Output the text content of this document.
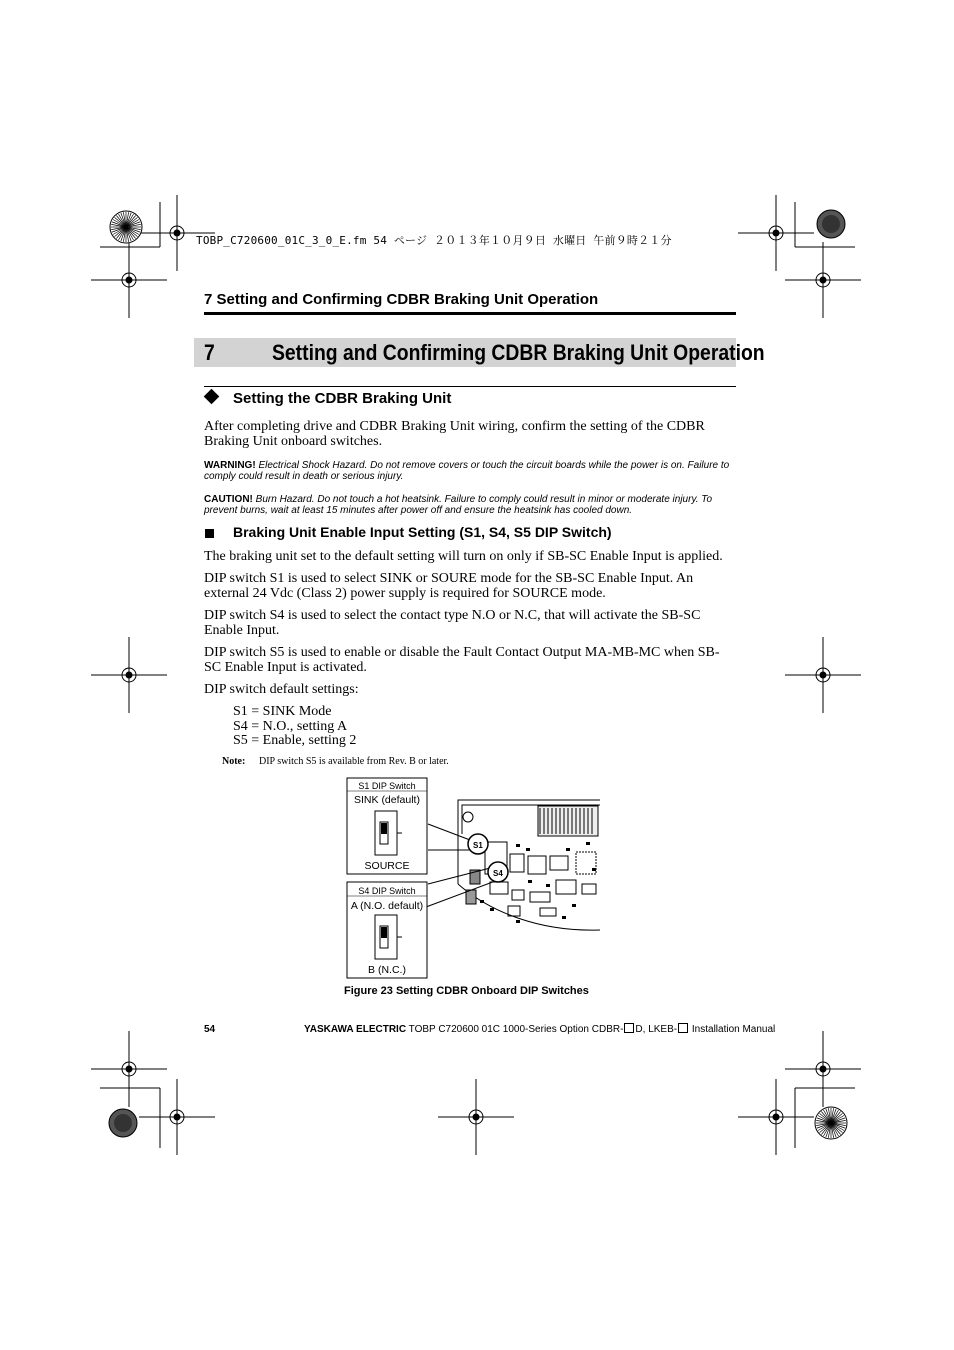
TOBP_C720600_01C_3_0_E.fm 54 ページ ２０１３年１０月９日 水曜日 午前９時２１分
7 Setting and Confirming CDBR Braking Unit Operation
7	Setting and Confirming CDBR Braking Unit Operation
Setting the CDBR Braking Unit
After completing drive and CDBR Braking Unit wiring, confirm the setting of the CDBR Braking Unit onboard switches.
WARNING! Electrical Shock Hazard. Do not remove covers or touch the circuit boards while the power is on. Failure to comply could result in death or serious injury.
CAUTION! Burn Hazard. Do not touch a hot heatsink. Failure to comply could result in minor or moderate injury. To prevent burns, wait at least 15 minutes after power off and ensure the heatsink has cooled down.
Braking Unit Enable Input Setting (S1, S4, S5 DIP Switch)
The braking unit set to the default setting will turn on only if SB-SC Enable Input is applied.
DIP switch S1 is used to select SINK or SOURE mode for the SB-SC Enable Input. An external 24 Vdc (Class 2) power supply is required for SOURCE mode.
DIP switch S4 is used to select the contact type N.O or N.C, that will activate the SB-SC Enable Input.
DIP switch S5 is used to enable or disable the Fault Contact Output MA-MB-MC when SB-SC Enable Input is activated.
DIP switch default settings:
S1 = SINK Mode
S4 = N.O., setting A
S5 = Enable, setting 2
Note: DIP switch S5 is available from Rev. B or later.
S1
S4
S1 DIP Switch
SINK (default)
SOURCE
S4 DIP Switch
A (N.O. default)
B (N.C.)
Figure 23 Setting CDBR Onboard DIP Switches
54	YASKAWA ELECTRIC TOBP C720600 01C 1000-Series Option CDBR- D, LKEB- Installation Manual
